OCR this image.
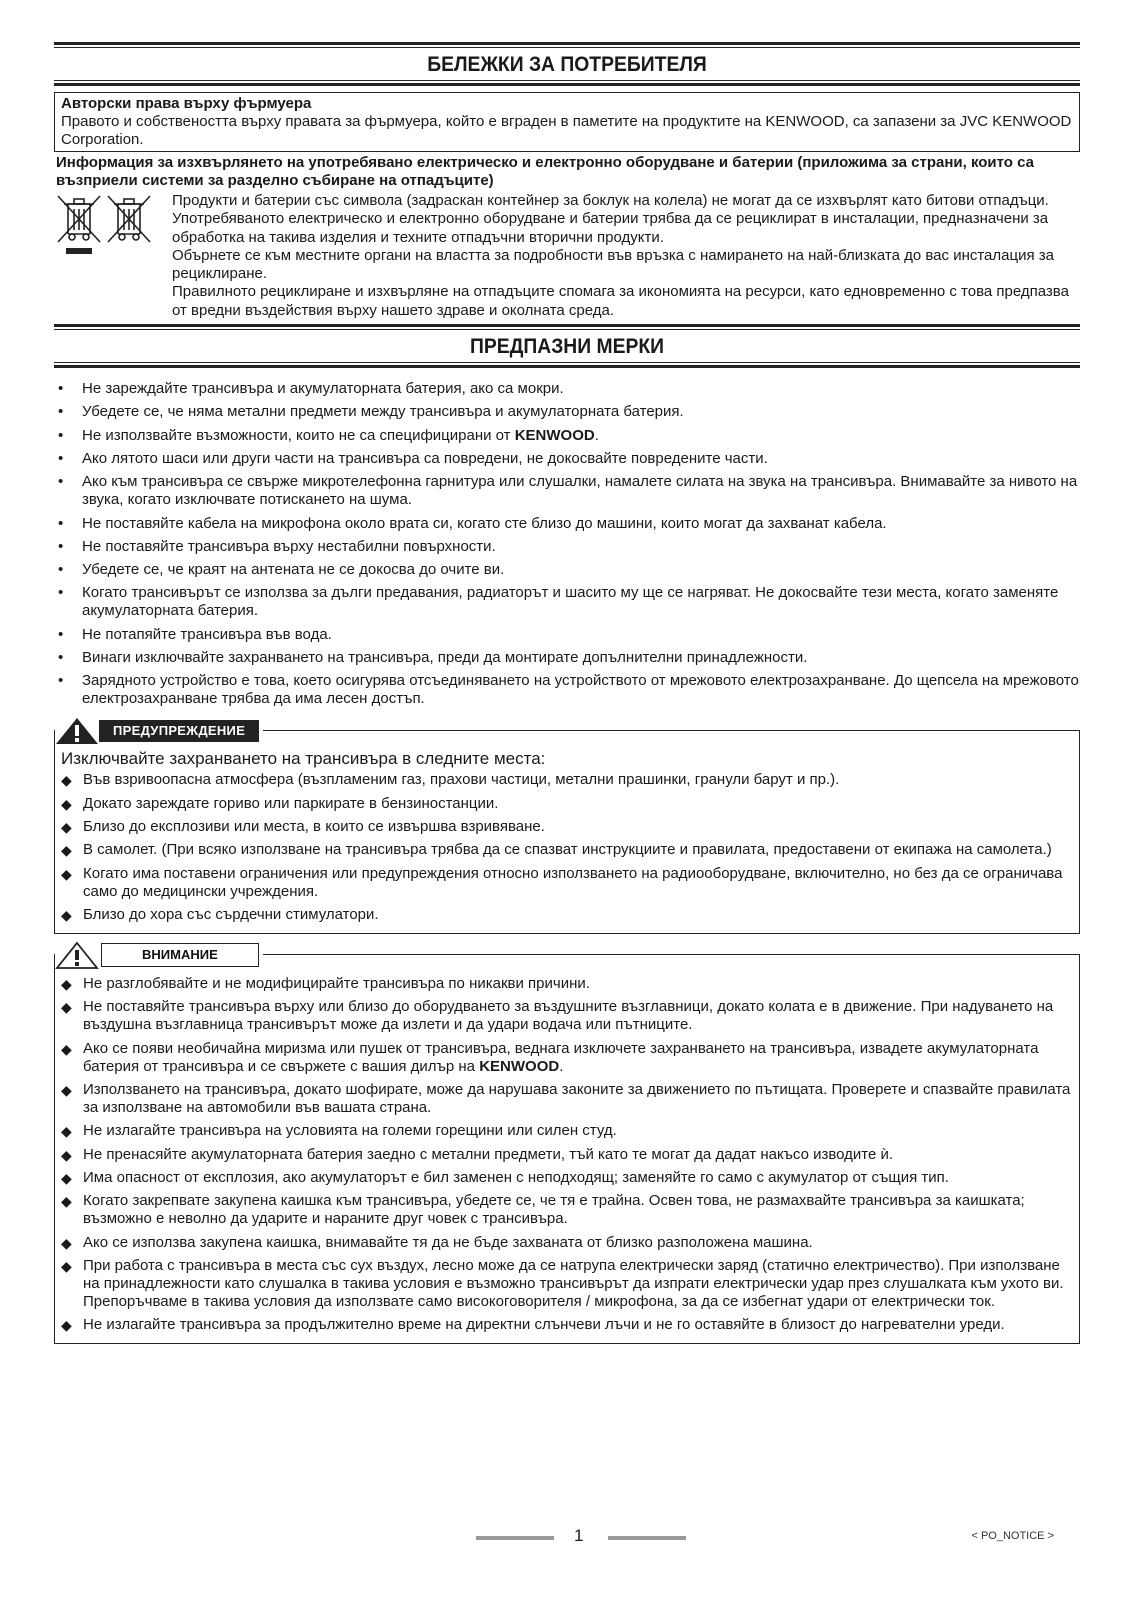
БЕЛЕЖКИ ЗА ПОТРЕБИТЕЛЯ
Авторски права върху фърмуера
Правото и собствеността върху правата за фърмуера, който е вграден в паметите на продуктите на KENWOOD, са запазени за JVC KENWOOD Corporation.
Информация за изхвърлянето на употребявано електрическо и електронно оборудване и батерии (приложима за страни, които са възприели системи за разделно събиране на отпадъците)

Продукти и батерии със символа (задраскан контейнер за боклук на колела) не могат да се изхвърлят като битови отпадъци.

Употребяваното електрическо и електронно оборудване и батерии трябва да се рециклират в инсталации, предназначени за обработка на такива изделия и техните отпадъчни вторични продукти.

Обърнете се към местните органи на властта за подробности във връзка с намирането на най-близката до вас инсталация за рециклиране.

Правилното рециклиране и изхвърляне на отпадъците спомага за икономията на ресурси, като едновременно с това предпазва от вредни въздействия върху нашето здраве и околната среда.

ПРЕДПАЗНИ МЕРКИ
• Не зареждайте трансивъра и акумулаторната батерия, ако са мокри.
• Убедете се, че няма метални предмети между трансивъра и акумулаторната батерия.
• Не използвайте възможности, които не са специфицирани от KENWOOD.
• Ако лятото шаси или други части на трансивъра са повредени, не докосвайте повредените части.
• Ако към трансивъра се свърже микротелефонна гарнитура или слушалки, намалете силата на звука на трансивъра. Внимавайте за нивото на звука, когато изключвате потискането на шума.
• Не поставяйте кабела на микрофона около врата си, когато сте близо до машини, които могат да захванат кабела.
• Не поставяйте трансивъра върху нестабилни повърхности.
• Убедете се, че краят на антената не се докосва до очите ви.
• Когато трансивърът се използва за дълги предавания, радиаторът и шасито му ще се нагряват. Не докосвайте тези места, когато заменяте акумулаторната батерия.
• Не потапяйте трансивъра във вода.
• Винаги изключвайте захранването на трансивъра, преди да монтирате допълнителни принадлежности.
• Зарядното устройство е това, което осигурява отсъединяването на устройството от мрежовото електрозахранване. До щепсела на мрежовото електрозахранване трябва да има лесен достъп.
ПРЕДУПРЕЖДЕНИЕ
Изключвайте захранването на трансивъра в следните места:
◆ Във взривоопасна атмосфера (възпламеним газ, прахови частици, метални прашинки, гранули барут и пр.).
◆ Докато зареждате гориво или паркирате в бензиностанции.
◆ Близо до експлозиви или места, в които се извършва взривяване.
◆ В самолет. (При всяко използване на трансивъра трябва да се спазват инструкциите и правилата, предоставени от екипажа на самолета.)
◆ Когато има поставени ограничения или предупреждения относно използването на радиооборудване, включително, но без да се ограничава само до медицински учреждения.
◆ Близо до хора със сърдечни стимулатори.
ВНИМАНИЕ
◆ Не разглобявайте и не модифицирайте трансивъра по никакви причини.
◆ Не поставяйте трансивъра върху или близо до оборудването за въздушните възглавници, докато колата е в движение. При надуването на въздушна възглавница трансивърът може да излети и да удари водача или пътниците.
◆ Ако се появи необичайна миризма или пушек от трансивъра, веднага изключете захранването на трансивъра, извадете акумулаторната батерия от трансивъра и се свържете с вашия дилър на KENWOOD.
◆ Използването на трансивъра, докато шофирате, може да нарушава законите за движението по пътищата. Проверете и спазвайте правилата за използване на автомобили във вашата страна.
◆ Не излагайте трансивъра на условията на големи горещини или силен студ.
◆ Не пренасяйте акумулаторната батерия заедно с метални предмети, тъй като те могат да дадат накъсо изводите ѝ.
◆ Има опасност от експлозия, ако акумулаторът е бил заменен с неподходящ; заменяйте го само с акумулатор от същия тип.
◆ Когато закрепвате закупена каишка към трансивъра, убедете се, че тя е трайна. Освен това, не размахвайте трансивъра за каишката; възможно е неволно да ударите и нараните друг човек с трансивъра.
◆ Ако се използва закупена каишка, внимавайте тя да не бъде захваната от близко разположена машина.
◆ При работа с трансивъра в места със сух въздух, лесно може да се натрупа електрически заряд (статично електричество). При използване на принадлежности като слушалка в такива условия е възможно трансивърът да изпрати електрически удар през слушалката към ухото ви. Препоръчваме в такива условия да използвате само високоговорителя / микрофона, за да се избегнат удари от електрически ток.
◆ Не излагайте трансивъра за продължително време на директни слънчеви лъчи и не го оставяйте в близост до нагревателни уреди.
1	< PO_NOTICE >
